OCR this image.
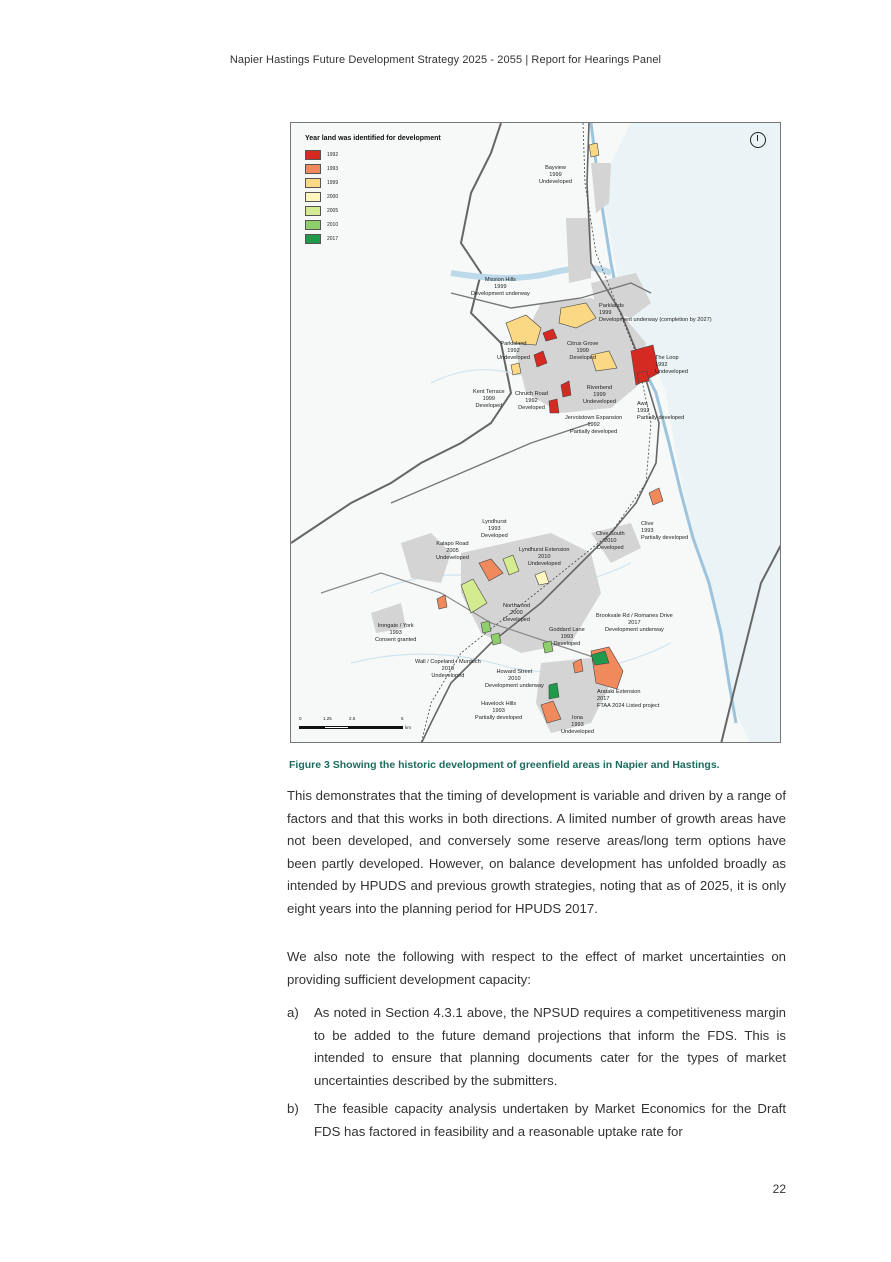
Napier Hastings Future Development Strategy 2025 - 2055 | Report for Hearings Panel
Year land was identified for development
1992
1993
1999
2000
2005
2010
2017
Bayview
1999
Undeveloped
Mission Hills
1999
Development underway
Parklands
1999
Development underway (completion by 2027)
Parkisland
1992
Undeveloped
Citrus Grove
1999
Developed	The Loop
1992
Undeveloped
Kent Terrace
1999
Developed
Chruch Road
1992
Developed
Riverbend
1999
Undeveloped	Awa
1992
Partially developed
Jervoistown Expansion
1992
Partially developed
Clive
1993
Partially developed
Lyndhurst
1993
Developed
Kaiapo Road
2005
Undeveloped
Lyndhurst Extension
2010
Undeveloped
Clive South
2010
Developed
Northwood
2000
Developed
Brookvale Rd / Romanes Drive
2017
Development underway
Irongate / York
1993
Consent granted
Goddard Lane
1993
Developed
Wall / Copeland / Murdoch
2010
Undeveloped
Howard Street
2010
Development underway
Arataki Extension
2017
FTAA 2024 Listed project
Havelock Hills
1993
Partially developed	Iona
1993
Undeveloped
0	1.25	2.5	5
km
Figure 3 Showing the historic development of greenfield areas in Napier and Hastings.
This demonstrates that the timing of development is variable and driven by a range of factors and that this works in both directions. A limited number of growth areas have not been developed, and conversely some reserve areas/long term options have been partly developed. However, on balance development has unfolded broadly as intended by HPUDS and previous growth strategies, noting that as of 2025, it is only eight years into the planning period for HPUDS 2017.
We also note the following with respect to the effect of market uncertainties on providing sufficient development capacity:
a) As noted in Section 4.3.1 above, the NPSUD requires a competitiveness margin to be added to the future demand projections that inform the FDS. This is intended to ensure that planning documents cater for the types of market uncertainties described by the submitters.
b) The feasible capacity analysis undertaken by Market Economics for the Draft FDS has factored in feasibility and a reasonable uptake rate for
22
